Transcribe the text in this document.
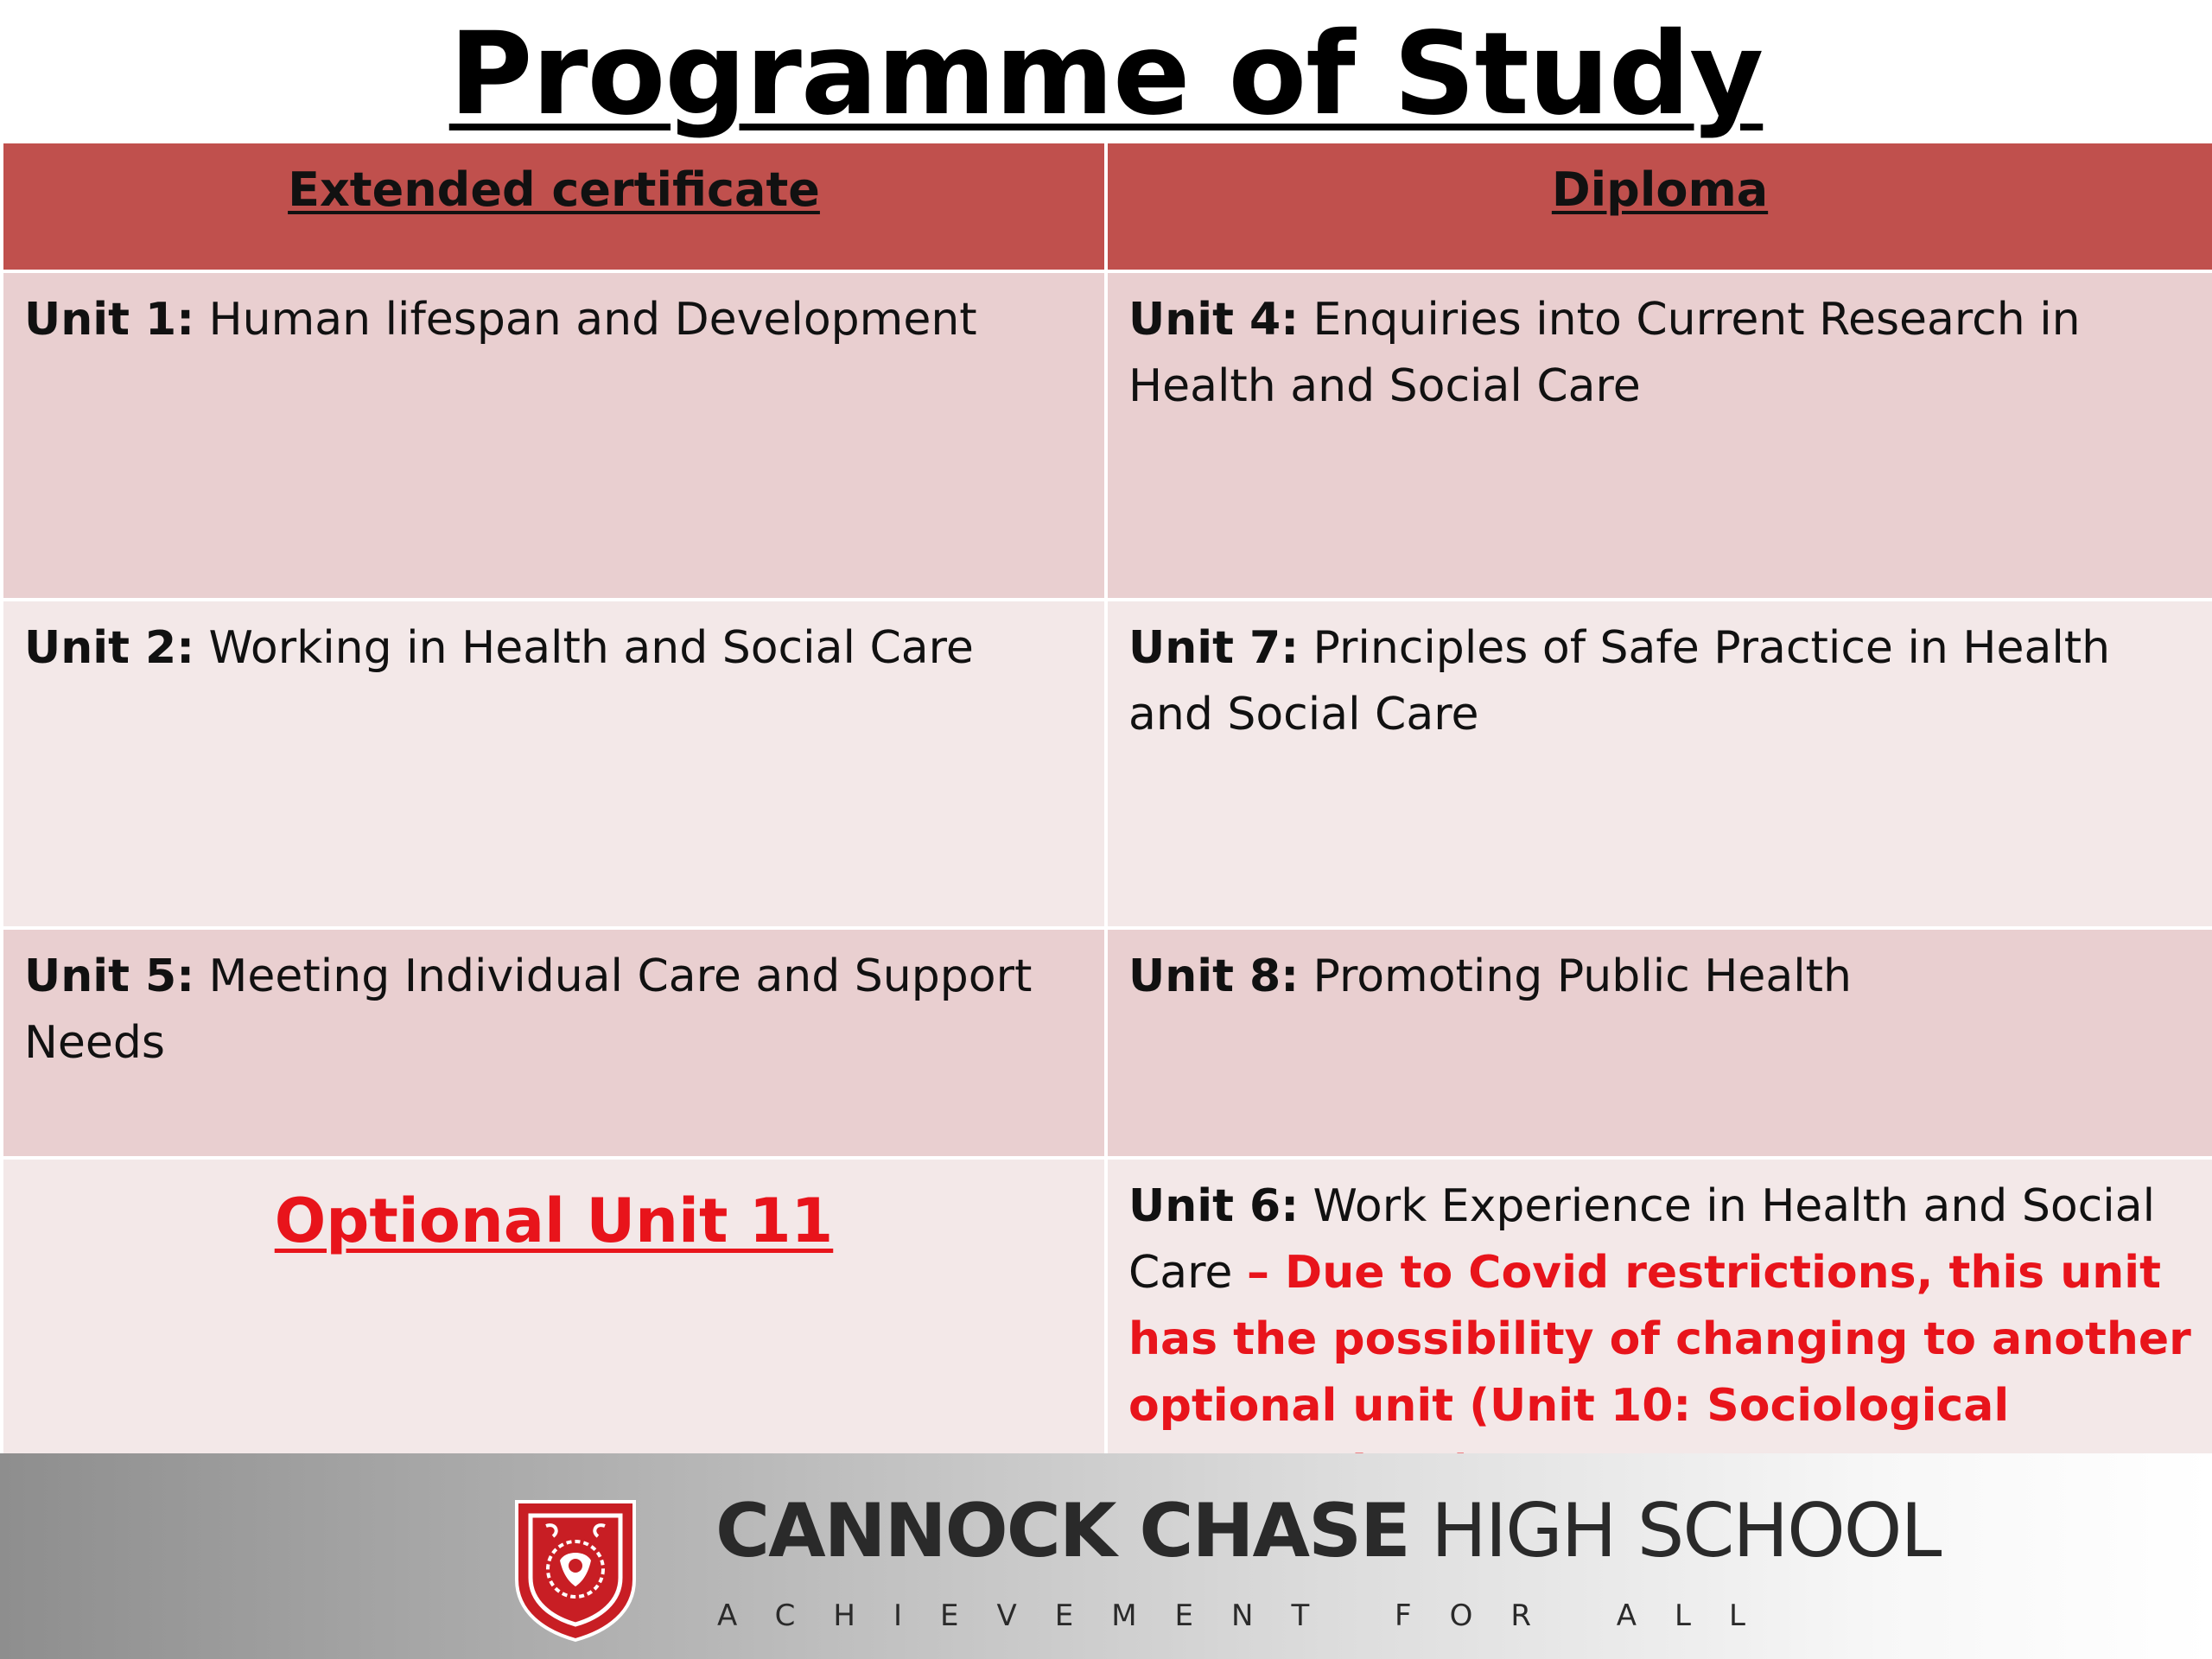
Programme of Study
Extended certificate	Diploma

Unit 1: Human lifespan and Development	Unit 4: Enquiries into Current Research in Health and Social Care

Unit 2: Working in Health and Social Care	Unit 7: Principles of Safe Practice in Health and Social Care

Unit 5: Meeting Individual Care and Support Needs	Unit 8: Promoting Public Health

Optional Unit 11	Unit 6: Work Experience in Health and Social Care – Due to Covid restrictions, this unit has the possibility of changing to another optional unit (Unit 10: Sociological
CANNOCK CHASE HIGH SCHOOL
ACHIEVEMENT FOR ALL
